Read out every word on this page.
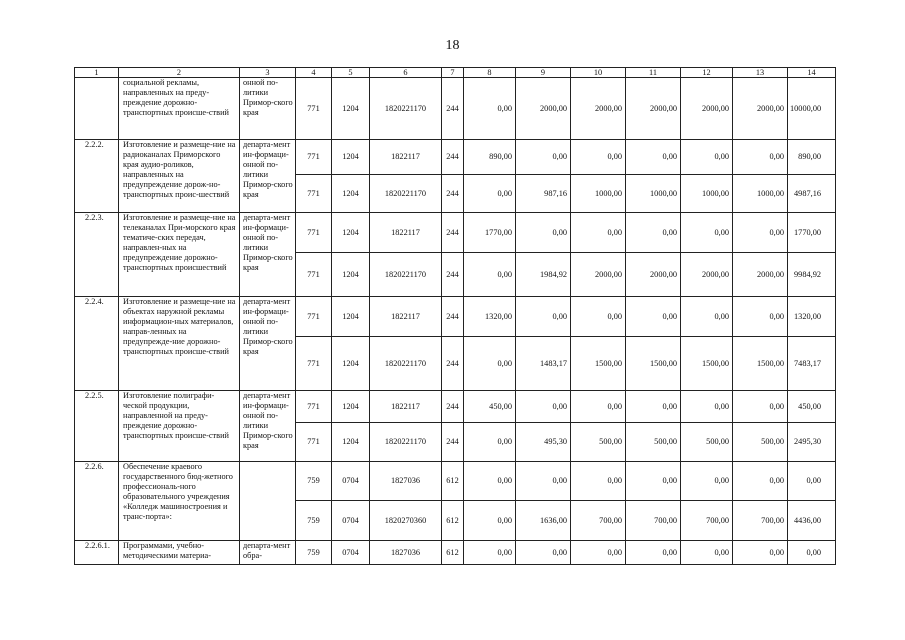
18
1	2	3	4	5	6	7	8	9	10	11	12	13	14
	социальной рекламы, направленных на преду-преждение дорожно-транспортных происше-ствий	онной по-литики Примор-ского края	771	1204	1820221170	244	0,00	2000,00	2000,00	2000,00	2000,00	2000,00	10000,00
2.2.2.	Изготовление и размеще-ние на радиоканалах Приморского края аудио-роликов, направленных на предупреждение дорож-но-транспортных проис-шествий	департа-мент ин-формаци-онной по-литики Примор-ского края	771	1204	1822117	244	890,00	0,00	0,00	0,00	0,00	0,00	890,00
			771	1204	1820221170	244	0,00	987,16	1000,00	1000,00	1000,00	1000,00	4987,16
2.2.3.	Изготовление и размеще-ние на телеканалах При-морского края тематиче-ских передач, направлен-ных на предупреждение дорожно-транспортных происшествий	департа-мент ин-формаци-онной по-литики Примор-ского края	771	1204	1822117	244	1770,00	0,00	0,00	0,00	0,00	0,00	1770,00
			771	1204	1820221170	244	0,00	1984,92	2000,00	2000,00	2000,00	2000,00	9984,92
2.2.4.	Изготовление и размеще-ние на объектах наружной рекламы информацион-ных материалов, направ-ленных на предупрежде-ние дорожно-транспортных происше-ствий	департа-мент ин-формаци-онной по-литики Примор-ского края	771	1204	1822117	244	1320,00	0,00	0,00	0,00	0,00	0,00	1320,00
			771	1204	1820221170	244	0,00	1483,17	1500,00	1500,00	1500,00	1500,00	7483,17
2.2.5.	Изготовление полиграфи-ческой продукции, направленной на преду-преждение дорожно-транспортных происше-ствий	департа-мент ин-формаци-онной по-литики Примор-ского края	771	1204	1822117	244	450,00	0,00	0,00	0,00	0,00	0,00	450,00
			771	1204	1820221170	244	0,00	495,30	500,00	500,00	500,00	500,00	2495,30
2.2.6.	Обеспечение краевого государственного бюд-жетного профессиональ-ного образовательного учреждения «Колледж машиностроения и транс-порта»:		759	0704	1827036	612	0,00	0,00	0,00	0,00	0,00	0,00	0,00
			759	0704	1820270360	612	0,00	1636,00	700,00	700,00	700,00	700,00	4436,00
2.2.6.1.	Программами, учебно-методическими материа-	департа-мент обра-	759	0704	1827036	612	0,00	0,00	0,00	0,00	0,00	0,00	0,00
